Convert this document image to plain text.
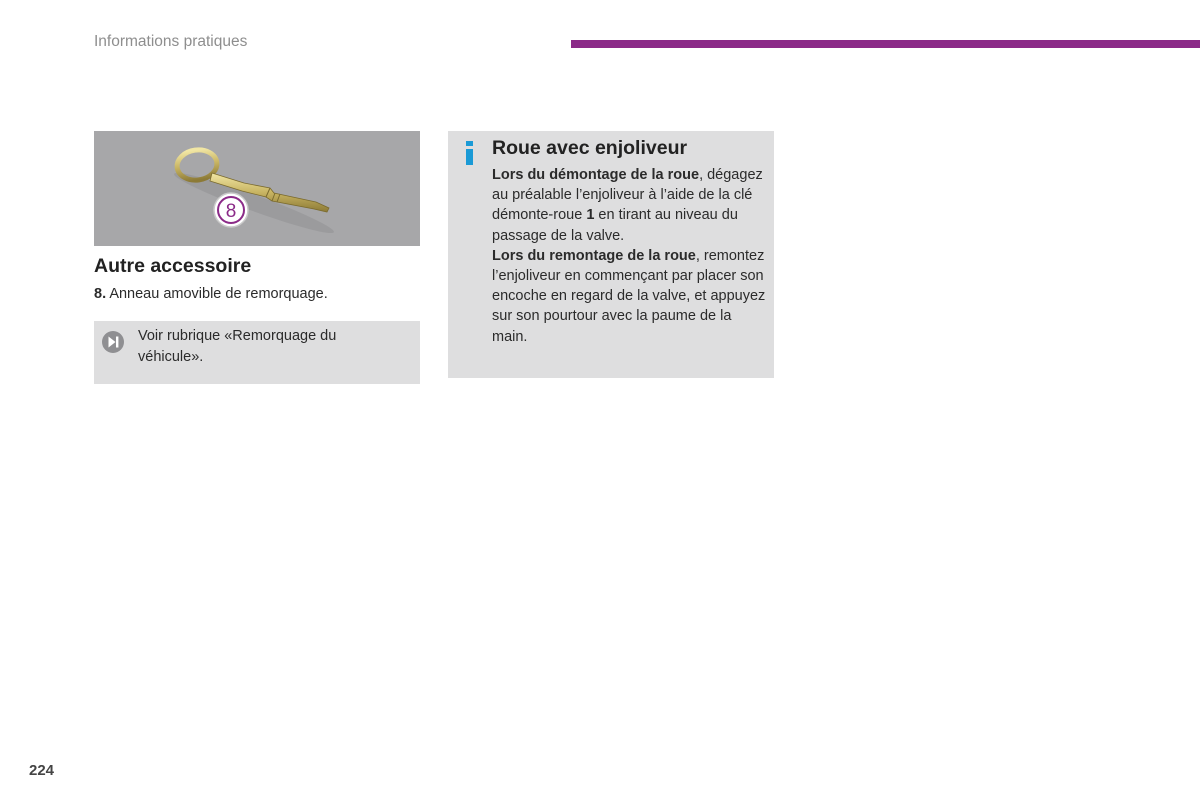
Informations pratiques
8
Autre accessoire
8. Anneau amovible de remorquage.
Voir rubrique «Remorquage du véhicule».
Roue avec enjoliveur

Lors du démontage de la roue, dégagez au préalable l’enjoliveur à l’aide de la clé démonte-roue 1 en tirant au niveau du passage de la valve.

Lors du remontage de la roue, remontez l’enjoliveur en commençant par placer son encoche en regard de la valve, et appuyez sur son pourtour avec la paume de la main.

224
